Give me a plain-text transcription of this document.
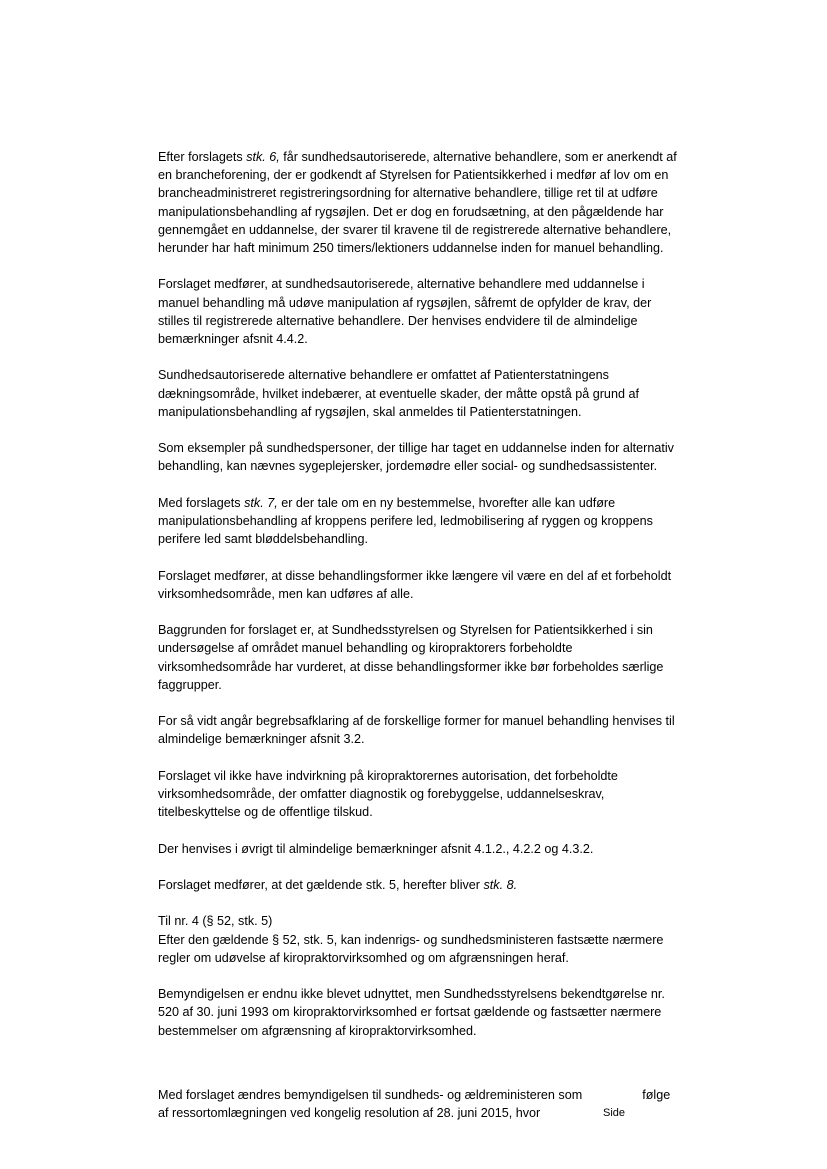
Efter forslagets stk. 6, får sundhedsautoriserede, alternative behandlere, som er anerkendt af en brancheforening, der er godkendt af Styrelsen for Patientsikkerhed i medfør af lov om en brancheadministreret registreringsordning for alternative behandlere, tillige ret til at udføre manipulationsbehandling af rygsøjlen. Det er dog en forudsætning, at den pågældende har gennemgået en uddannelse, der svarer til kravene til de registrerede alternative behandlere, herunder har haft minimum 250 timers/lektioners uddannelse inden for manuel behandling.

Forslaget medfører, at sundhedsautoriserede, alternative behandlere med uddannelse i manuel behandling må udøve manipulation af rygsøjlen, såfremt de opfylder de krav, der stilles til registrerede alternative behandlere. Der henvises endvidere til de almindelige bemærkninger afsnit 4.4.2.

Sundhedsautoriserede alternative behandlere er omfattet af Patienterstatningens dækningsområde, hvilket indebærer, at eventuelle skader, der måtte opstå på grund af manipulationsbehandling af rygsøjlen, skal anmeldes til Patienterstatningen.

Som eksempler på sundhedspersoner, der tillige har taget en uddannelse inden for alternativ behandling, kan nævnes sygeplejersker, jordemødre eller social- og sundhedsassistenter.

Med forslagets stk. 7, er der tale om en ny bestemmelse, hvorefter alle kan udføre manipulationsbehandling af kroppens perifere led, ledmobilisering af ryggen og kroppens perifere led samt bløddelsbehandling.

Forslaget medfører, at disse behandlingsformer ikke længere vil være en del af et forbeholdt virksomhedsområde, men kan udføres af alle.

Baggrunden for forslaget er, at Sundhedsstyrelsen og Styrelsen for Patientsikkerhed i sin undersøgelse af området manuel behandling og kiropraktorers forbeholdte virksomhedsområde har vurderet, at disse behandlingsformer ikke bør forbeholdes særlige faggrupper.

For så vidt angår begrebsafklaring af de forskellige former for manuel behandling henvises til almindelige bemærkninger afsnit 3.2.

Forslaget vil ikke have indvirkning på kiropraktorernes autorisation, det forbeholdte virksomhedsområde, der omfatter diagnostik og forebyggelse, uddannelseskrav, titelbeskyttelse og de offentlige tilskud.

Der henvises i øvrigt til almindelige bemærkninger afsnit 4.1.2., 4.2.2 og 4.3.2.

Forslaget medfører, at det gældende stk. 5, herefter bliver stk. 8.

Til nr. 4 (§ 52, stk. 5)

Efter den gældende § 52, stk. 5, kan indenrigs- og sundhedsministeren fastsætte nærmere regler om udøvelse af kiropraktorvirksomhed og om afgrænsningen heraf.

Bemyndigelsen er endnu ikke blevet udnyttet, men Sundhedsstyrelsens bekendtgørelse nr. 520 af 30. juni 1993 om kiropraktorvirksomhed er fortsat gældende og fastsætter nærmere bestemmelser om afgrænsning af kiropraktorvirksomhed.

Med forslaget ændres bemyndigelsen til sundheds- og ældreministeren som	følge
af ressortomlægningen ved kongelig resolution af 28. juni 2015, hvor	Side
